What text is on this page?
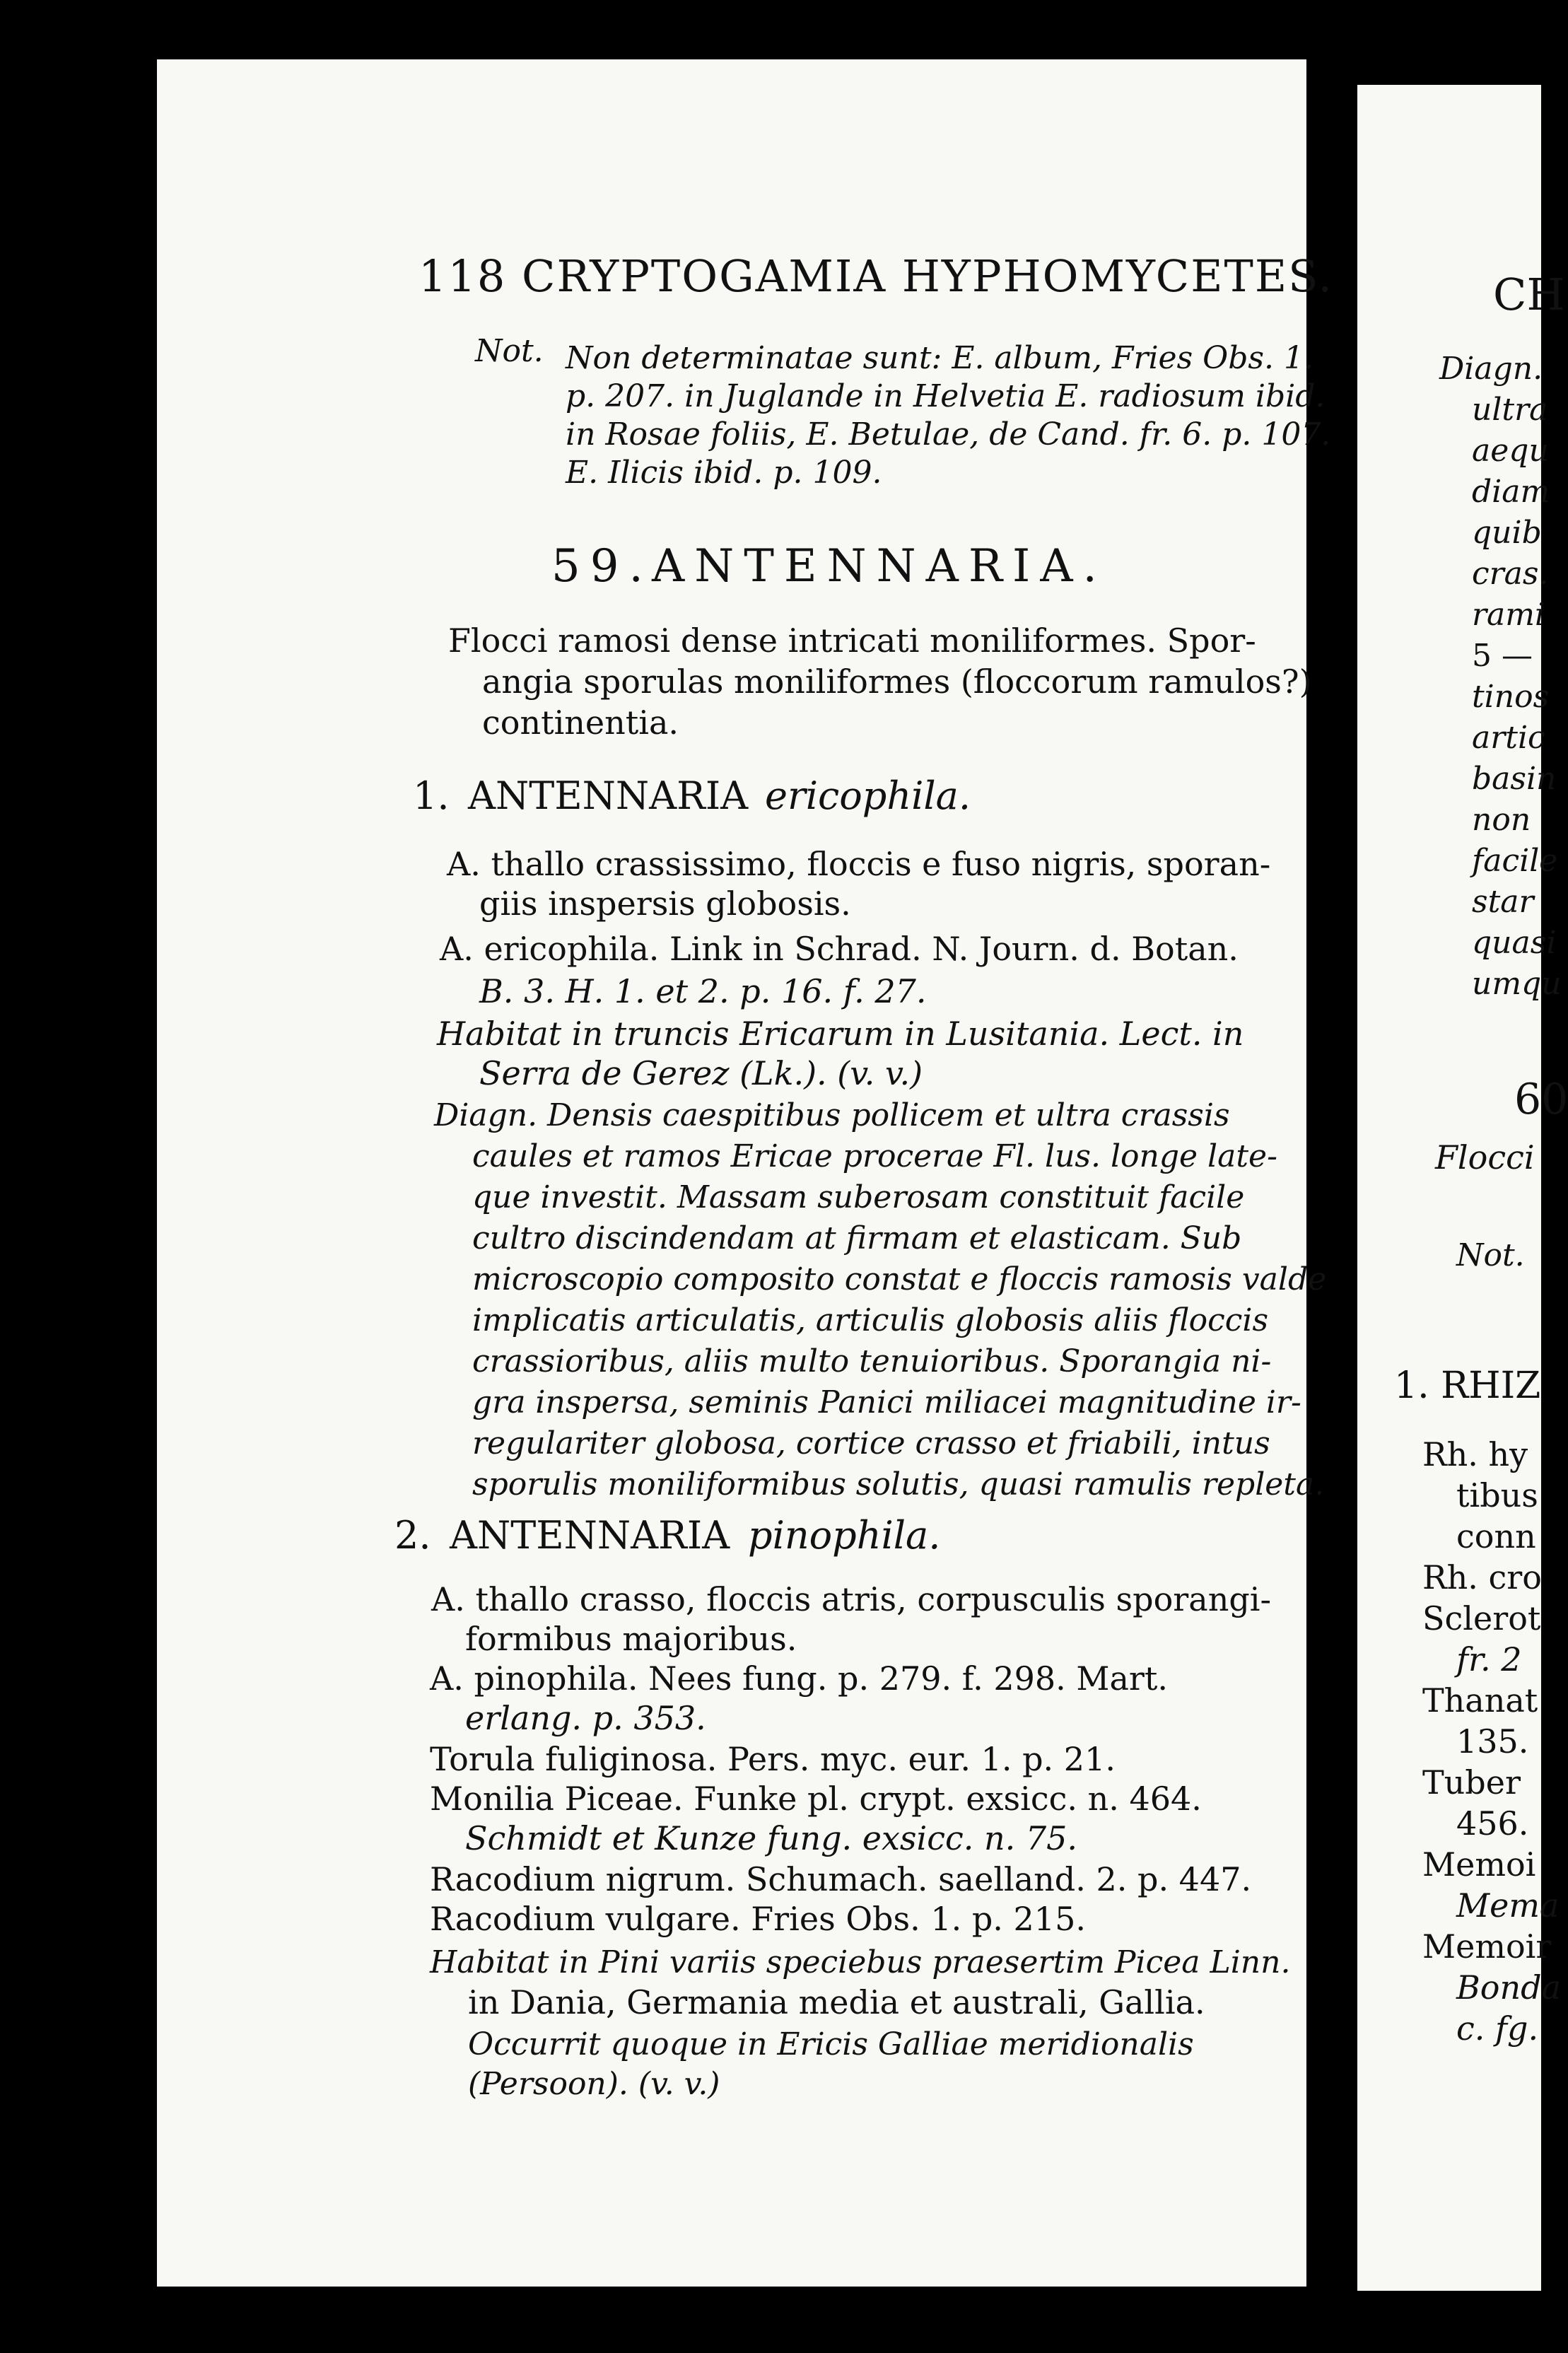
118 CRYPTOGAMIA HYPHOMYCETES.
Not. Non determinatae sunt: E. album, Fries Obs. 1.
p. 207. in Juglande in Helvetia E. radiosum ibid.
in Rosae foliis, E. Betulae, de Cand. fr. 6. p. 107.
E. Ilicis ibid. p. 109.
59.
ANTENNARIA.
Flocci ramosi dense intricati moniliformes. Spor-
angia sporulas moniliformes (floccorum ramulos?)
continentia.
1. ANTENNARIA ericophila.
A. thallo crassissimo, floccis e fuso nigris, sporan-
giis inspersis globosis.
A. ericophila. Link in Schrad. N. Journ. d. Botan.
B. 3. H. 1. et 2. p. 16. f. 27.
Habitat in truncis Ericarum in Lusitania. Lect. in
Serra de Gerez (Lk.). (v. v.)
Diagn. Densis caespitibus pollicem et ultra crassis
caules et ramos Ericae procerae Fl. lus. longe late-
que investit. Massam suberosam constituit facile
cultro discindendam at firmam et elasticam. Sub
microscopio composito constat e floccis ramosis valde
implicatis articulatis, articulis globosis aliis floccis
crassioribus, aliis multo tenuioribus. Sporangia ni-
gra inspersa, seminis Panici miliacei magnitudine ir-
regulariter globosa, cortice crasso et friabili, intus
sporulis moniliformibus solutis, quasi ramulis repleta.
2. ANTENNARIA pinophila.
A. thallo crasso, floccis atris, corpusculis sporangi-
formibus majoribus.
A. pinophila. Nees fung. p. 279. f. 298. Mart.
erlang. p. 353.
Torula fuliginosa. Pers. myc. eur. 1. p. 21.
Monilia Piceae. Funke pl. crypt. exsicc. n. 464.
Schmidt et Kunze fung. exsicc. n. 75.
Racodium nigrum. Schumach. saelland. 2. p. 447.
Racodium vulgare. Fries Obs. 1. p. 215.
Habitat in Pini variis speciebus praesertim Picea Linn.
in Dania, Germania media et australi, Gallia.
Occurrit quoque in Ericis Galliae meridionalis
(Persoon). (v. v.)
CH
Diagn.
ultra
aequ
diam
quib
cras.
rami
5 —
tinos
artic
basin
non
facile
star
quasi
umqu
60
Flocci
Not.
1. RHIZ
Rh. hy
tibus
conn
Rh. cro
Sclerot
fr. 2
Thanat
135.
Tuber
456.
Memoi
Mema
Memoir
Bonda
c. fg.
